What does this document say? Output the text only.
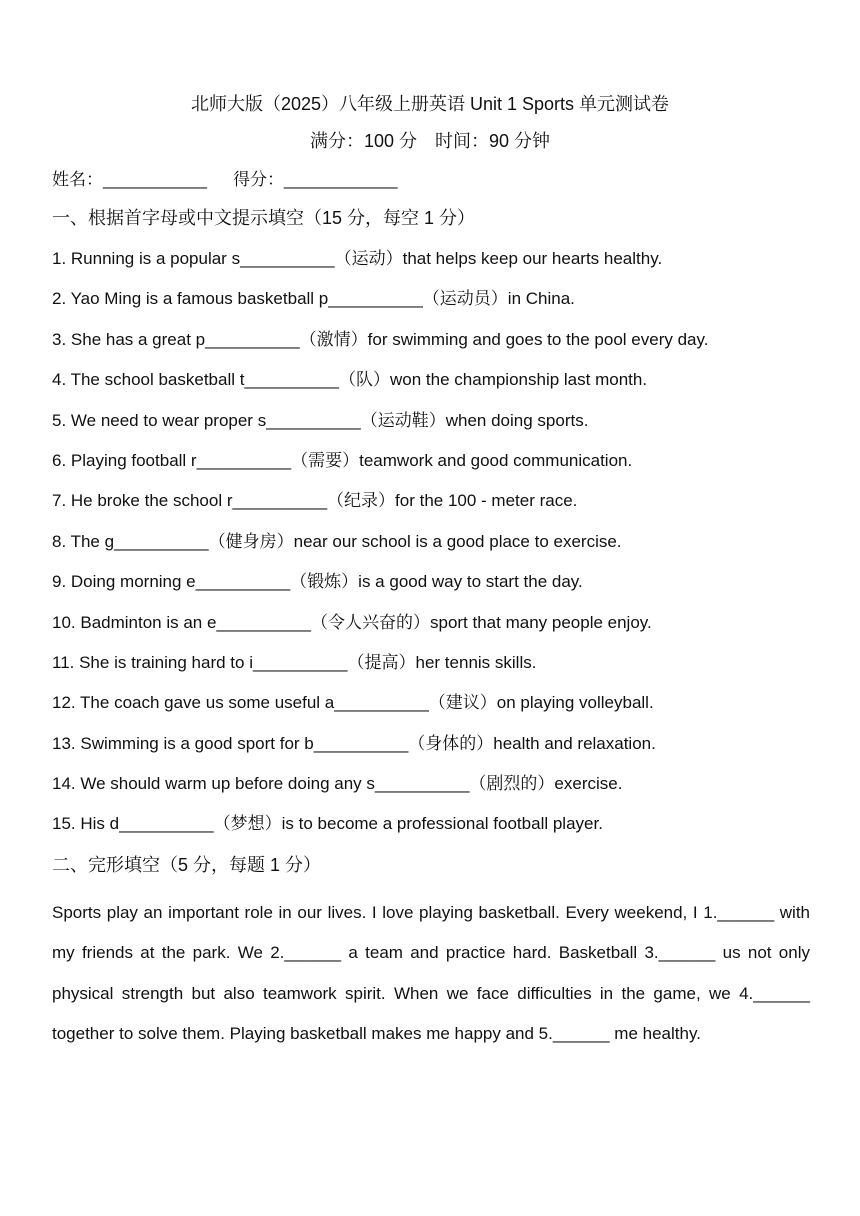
北师大版（2025）八年级上册英语 Unit 1 Sports 单元测试卷
满分：100 分　时间：90 分钟
姓名：___________ 得分：____________
一、根据首字母或中文提示填空（15 分，每空 1 分）
1. Running is a popular s__________（运动）that helps keep our hearts healthy.
2. Yao Ming is a famous basketball p__________（运动员）in China.
3. She has a great p__________（激情）for swimming and goes to the pool every day.
4. The school basketball t__________（队）won the championship last month.
5. We need to wear proper s__________（运动鞋）when doing sports.
6. Playing football r__________（需要）teamwork and good communication.
7. He broke the school r__________（纪录）for the 100 - meter race.
8. The g__________（健身房）near our school is a good place to exercise.
9. Doing morning e__________（锻炼）is a good way to start the day.
10. Badminton is an e__________（令人兴奋的）sport that many people enjoy.
11. She is training hard to i__________（提高）her tennis skills.
12. The coach gave us some useful a__________（建议）on playing volleyball.
13. Swimming is a good sport for b__________（身体的）health and relaxation.
14. We should warm up before doing any s__________（剧烈的）exercise.
15. His d__________（梦想）is to become a professional football player.
二、完形填空（5 分，每题 1 分）

Sports play an important role in our lives. I love playing basketball. Every weekend, I 1.______ with my friends at the park. We 2.______ a team and practice hard. Basketball 3.______ us not only physical strength but also teamwork spirit. When we face difficulties in the game, we 4.______ together to solve them. Playing basketball makes me happy and 5.______ me healthy.
